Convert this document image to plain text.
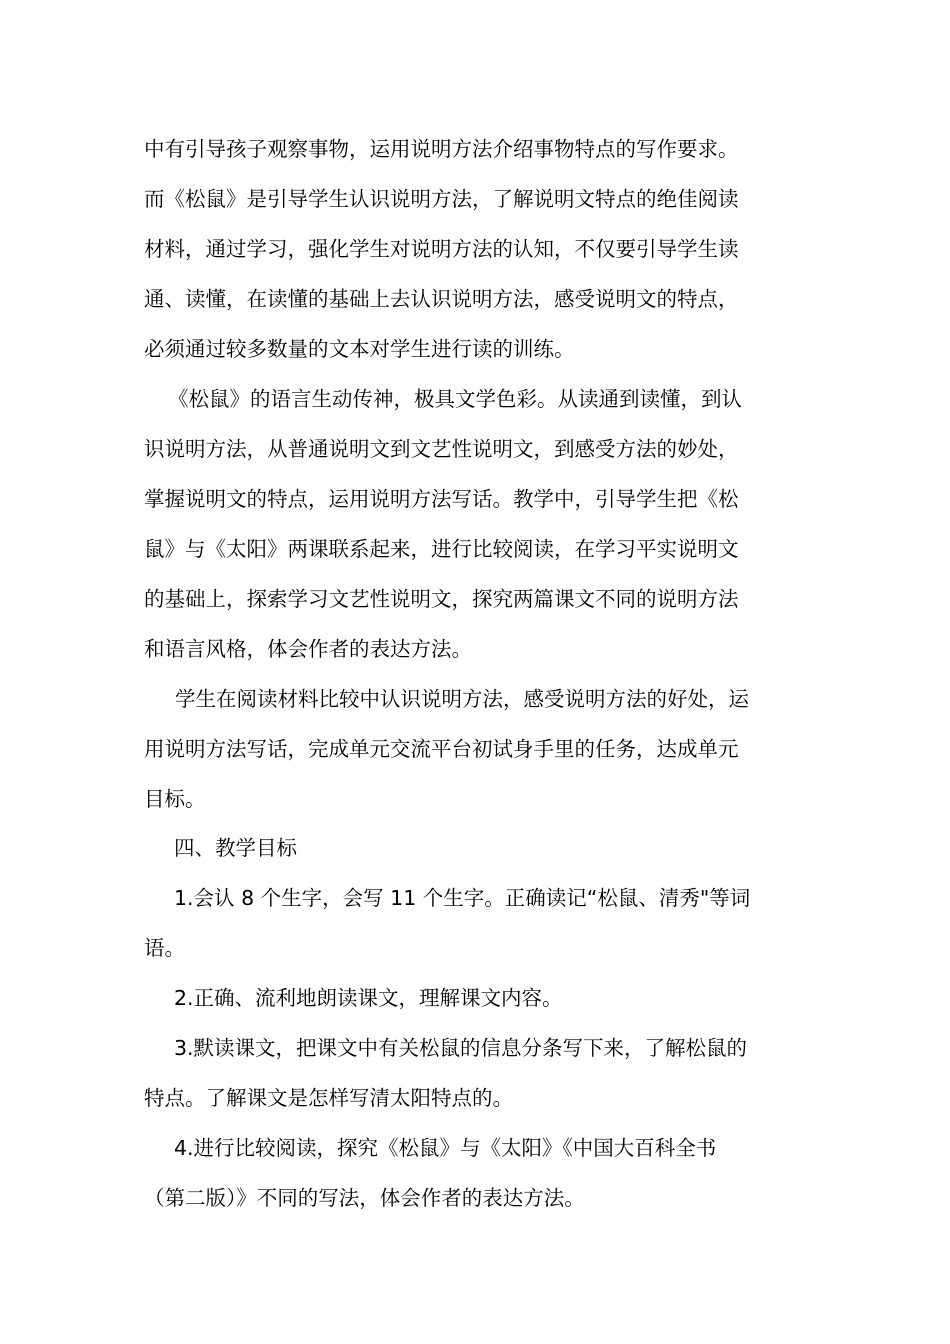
中有引导孩子观察事物，运用说明方法介绍事物特点的写作要求。

而《松鼠》是引导学生认识说明方法，了解说明文特点的绝佳阅读

材料，通过学习，强化学生对说明方法的认知，不仅要引导学生读

通、读懂，在读懂的基础上去认识说明方法，感受说明文的特点，

必须通过较多数量的文本对学生进行读的训练。

《松鼠》的语言生动传神，极具文学色彩。从读通到读懂，到认

识说明方法，从普通说明文到文艺性说明文，到感受方法的妙处，

掌握说明文的特点，运用说明方法写话。教学中，引导学生把《松

鼠》与《太阳》两课联系起来，进行比较阅读，在学习平实说明文

的基础上，探索学习文艺性说明文，探究两篇课文不同的说明方法

和语言风格，体会作者的表达方法。

学生在阅读材料比较中认识说明方法，感受说明方法的好处，运

用说明方法写话，完成单元交流平台初试身手里的任务，达成单元

目标。

四、教学目标

1.会认 8 个生字，会写 11 个生字。正确读记“松鼠、清秀"等词

语。

2.正确、流利地朗读课文，理解课文内容。

3.默读课文，把课文中有关松鼠的信息分条写下来，了解松鼠的

特点。了解课文是怎样写清太阳特点的。

4.进行比较阅读，探究《松鼠》与《太阳》《中国大百科全书

（第二版）》不同的写法，体会作者的表达方法。
